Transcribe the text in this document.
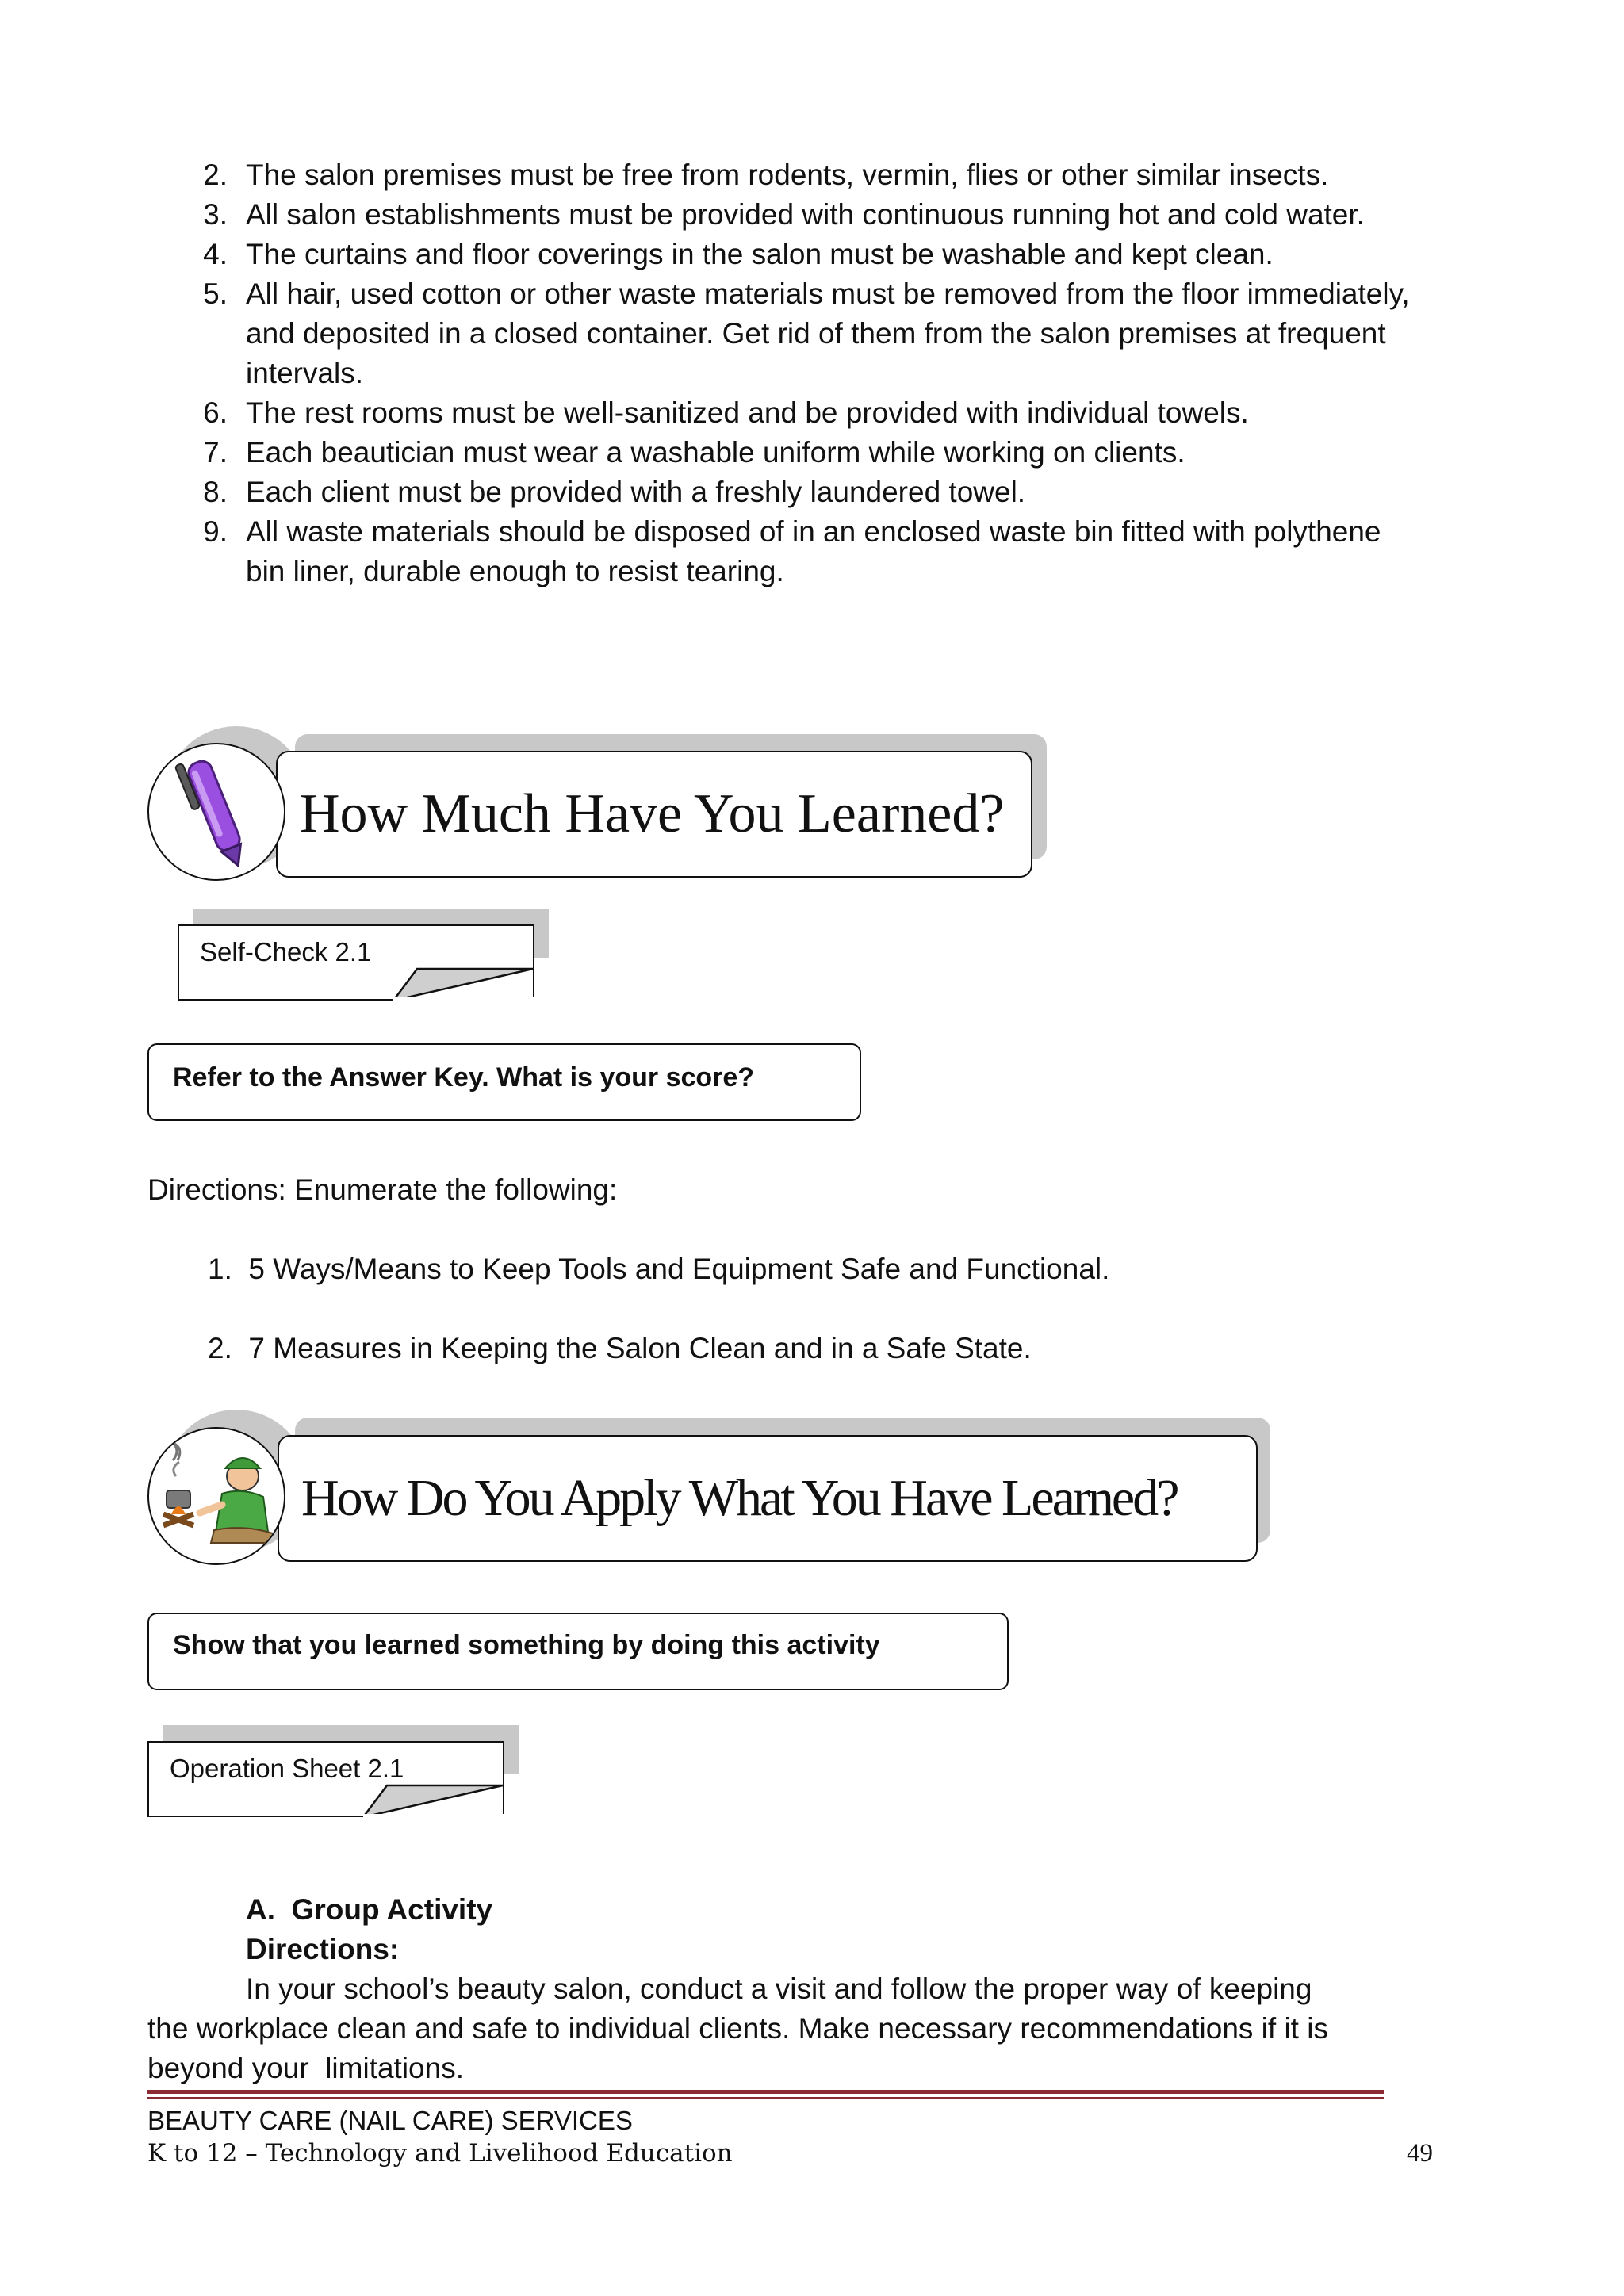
2. The salon premises must be free from rodents, vermin, flies or other similar insects.
3. All salon establishments must be provided with continuous running hot and cold water.
4. The curtains and floor coverings in the salon must be washable and kept clean.
5. All hair, used cotton or other waste materials must be removed from the floor immediately, and deposited in a closed container. Get rid of them from the salon premises at frequent intervals.
6. The rest rooms must be well-sanitized and be provided with individual towels.
7. Each beautician must wear a washable uniform while working on clients.
8. Each client must be provided with a freshly laundered towel.
9. All waste materials should be disposed of in an enclosed waste bin fitted with polythene bin liner, durable enough to resist tearing.
How Much Have You Learned?
Self-Check 2.1
Refer to the Answer Key. What is your score?
Directions: Enumerate the following:
1. 5 Ways/Means to Keep Tools and Equipment Safe and Functional.
2. 7 Measures in Keeping the Salon Clean and in a Safe State.
How Do You Apply What You Have Learned?
Show that you learned something by doing this activity
Operation Sheet 2.1
A.  Group Activity
Directions:
In your school’s beauty salon, conduct a visit and follow the proper way of keeping
the workplace clean and safe to individual clients. Make necessary recommendations if it is
beyond your  limitations.
BEAUTY CARE (NAIL CARE) SERVICES
K to 12 – Technology and Livelihood Education	49
